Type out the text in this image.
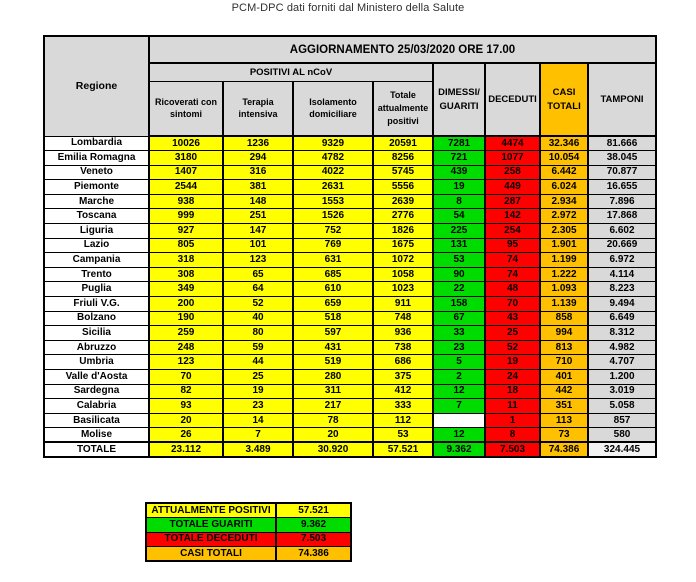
PCM-DPC dati forniti dal Ministero della Salute
Regione	AGGIORNAMENTO 25/03/2020 ORE 17.00							
	POSITIVI AL nCoV				DIMESSI/ GUARITI	DECEDUTI	CASI TOTALI	TAMPONI
	Ricoverati con sintomi	Terapia intensiva	Isolamento domiciliare	Totale attualmente positivi				
Lombardia	10026	1236	9329	20591	7281	4474	32.346	81.666
Emilia Romagna	3180	294	4782	8256	721	1077	10.054	38.045
Veneto	1407	316	4022	5745	439	258	6.442	70.877
Piemonte	2544	381	2631	5556	19	449	6.024	16.655
Marche	938	148	1553	2639	8	287	2.934	7.896
Toscana	999	251	1526	2776	54	142	2.972	17.868
Liguria	927	147	752	1826	225	254	2.305	6.602
Lazio	805	101	769	1675	131	95	1.901	20.669
Campania	318	123	631	1072	53	74	1.199	6.972
Trento	308	65	685	1058	90	74	1.222	4.114
Puglia	349	64	610	1023	22	48	1.093	8.223
Friuli V.G.	200	52	659	911	158	70	1.139	9.494
Bolzano	190	40	518	748	67	43	858	6.649
Sicilia	259	80	597	936	33	25	994	8.312
Abruzzo	248	59	431	738	23	52	813	4.982
Umbria	123	44	519	686	5	19	710	4.707
Valle d'Aosta	70	25	280	375	2	24	401	1.200
Sardegna	82	19	311	412	12	18	442	3.019
Calabria	93	23	217	333	7	11	351	5.058
Basilicata	20	14	78	112		1	113	857
Molise	26	7	20	53	12	8	73	580
TOTALE	23.112	3.489	30.920	57.521	9.362	7.503	74.386	324.445
ATTUALMENTE POSITIVI	57.521
TOTALE GUARITI	9.362
TOTALE DECEDUTI	7.503
CASI TOTALI	74.386
